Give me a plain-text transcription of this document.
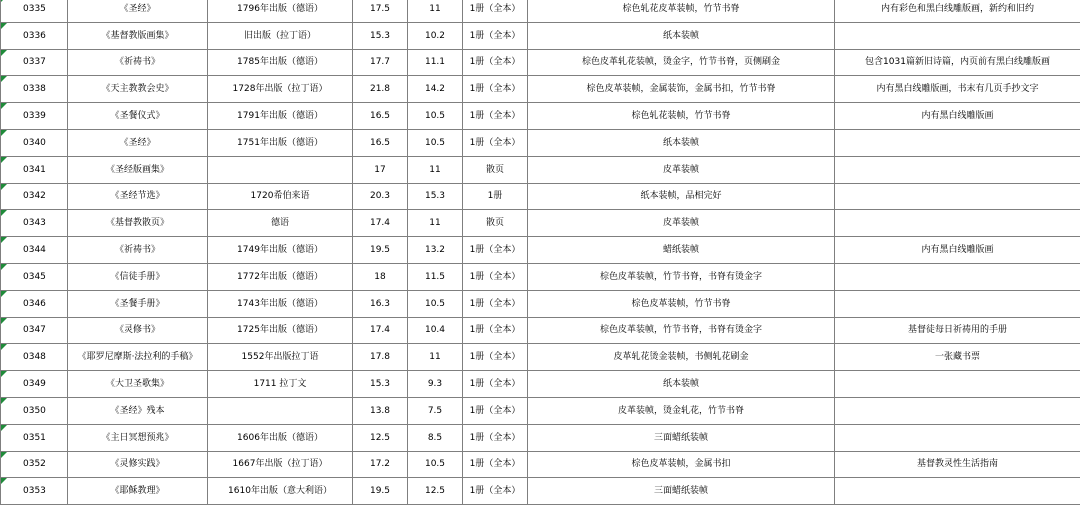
0335	《圣经》	1796年出版（德语）	17.5	11	1册（全本）	棕色轧花皮革装帧，竹节书脊	内有彩色和黑白线雕版画，新约和旧约

0336	《基督教版画集》	旧出版（拉丁语）	15.3	10.2	1册（全本）	纸本装帧	

0337	《祈祷书》	1785年出版（德语）	17.7	11.1	1册（全本）	棕色皮革轧花装帧，烫金字，竹节书脊，页侧刷金	包含1031篇新旧诗篇，内页前有黑白线雕版画

0338	《天主教教会史》	1728年出版（拉丁语）	21.8	14.2	1册（全本）	棕色皮革装帧，金属装饰，金属书扣，竹节书脊	内有黑白线雕版画，书末有几页手抄文字

0339	《圣餐仪式》	1791年出版（德语）	16.5	10.5	1册（全本）	棕色轧花装帧，竹节书脊	内有黑白线雕版画

0340	《圣经》	1751年出版（德语）	16.5	10.5	1册（全本）	纸本装帧	

0341	《圣经版画集》		17	11	散页	皮革装帧	

0342	《圣经节选》	1720希伯来语	20.3	15.3	1册	纸本装帧，品相完好	

0343	《基督教散页》	德语	17.4	11	散页	皮革装帧	

0344	《祈祷书》	1749年出版（德语）	19.5	13.2	1册（全本）	蜡纸装帧	内有黑白线雕版画

0345	《信徒手册》	1772年出版（德语）	18	11.5	1册（全本）	棕色皮革装帧，竹节书脊，书脊有烫金字	

0346	《圣餐手册》	1743年出版（德语）	16.3	10.5	1册（全本）	棕色皮革装帧，竹节书脊	

0347	《灵修书》	1725年出版（德语）	17.4	10.4	1册（全本）	棕色皮革装帧，竹节书脊，书脊有烫金字	基督徒每日祈祷用的手册

0348	《耶罗尼摩斯·法拉利的手稿》	1552年出版拉丁语	17.8	11	1册（全本）	皮革轧花烫金装帧，书侧轧花刷金	一张藏书票

0349	《大卫圣歌集》	1711 拉丁文	15.3	9.3	1册（全本）	纸本装帧	

0350	《圣经》残本		13.8	7.5	1册（全本）	皮革装帧，烫金轧花，竹节书脊	

0351	《主日冥想预兆》	1606年出版（德语）	12.5	8.5	1册（全本）	三面蜡纸装帧	

0352	《灵修实践》	1667年出版（拉丁语）	17.2	10.5	1册（全本）	棕色皮革装帧，金属书扣	基督教灵性生活指南

0353	《耶稣教理》	1610年出版（意大利语）	19.5	12.5	1册（全本）	三面蜡纸装帧	
